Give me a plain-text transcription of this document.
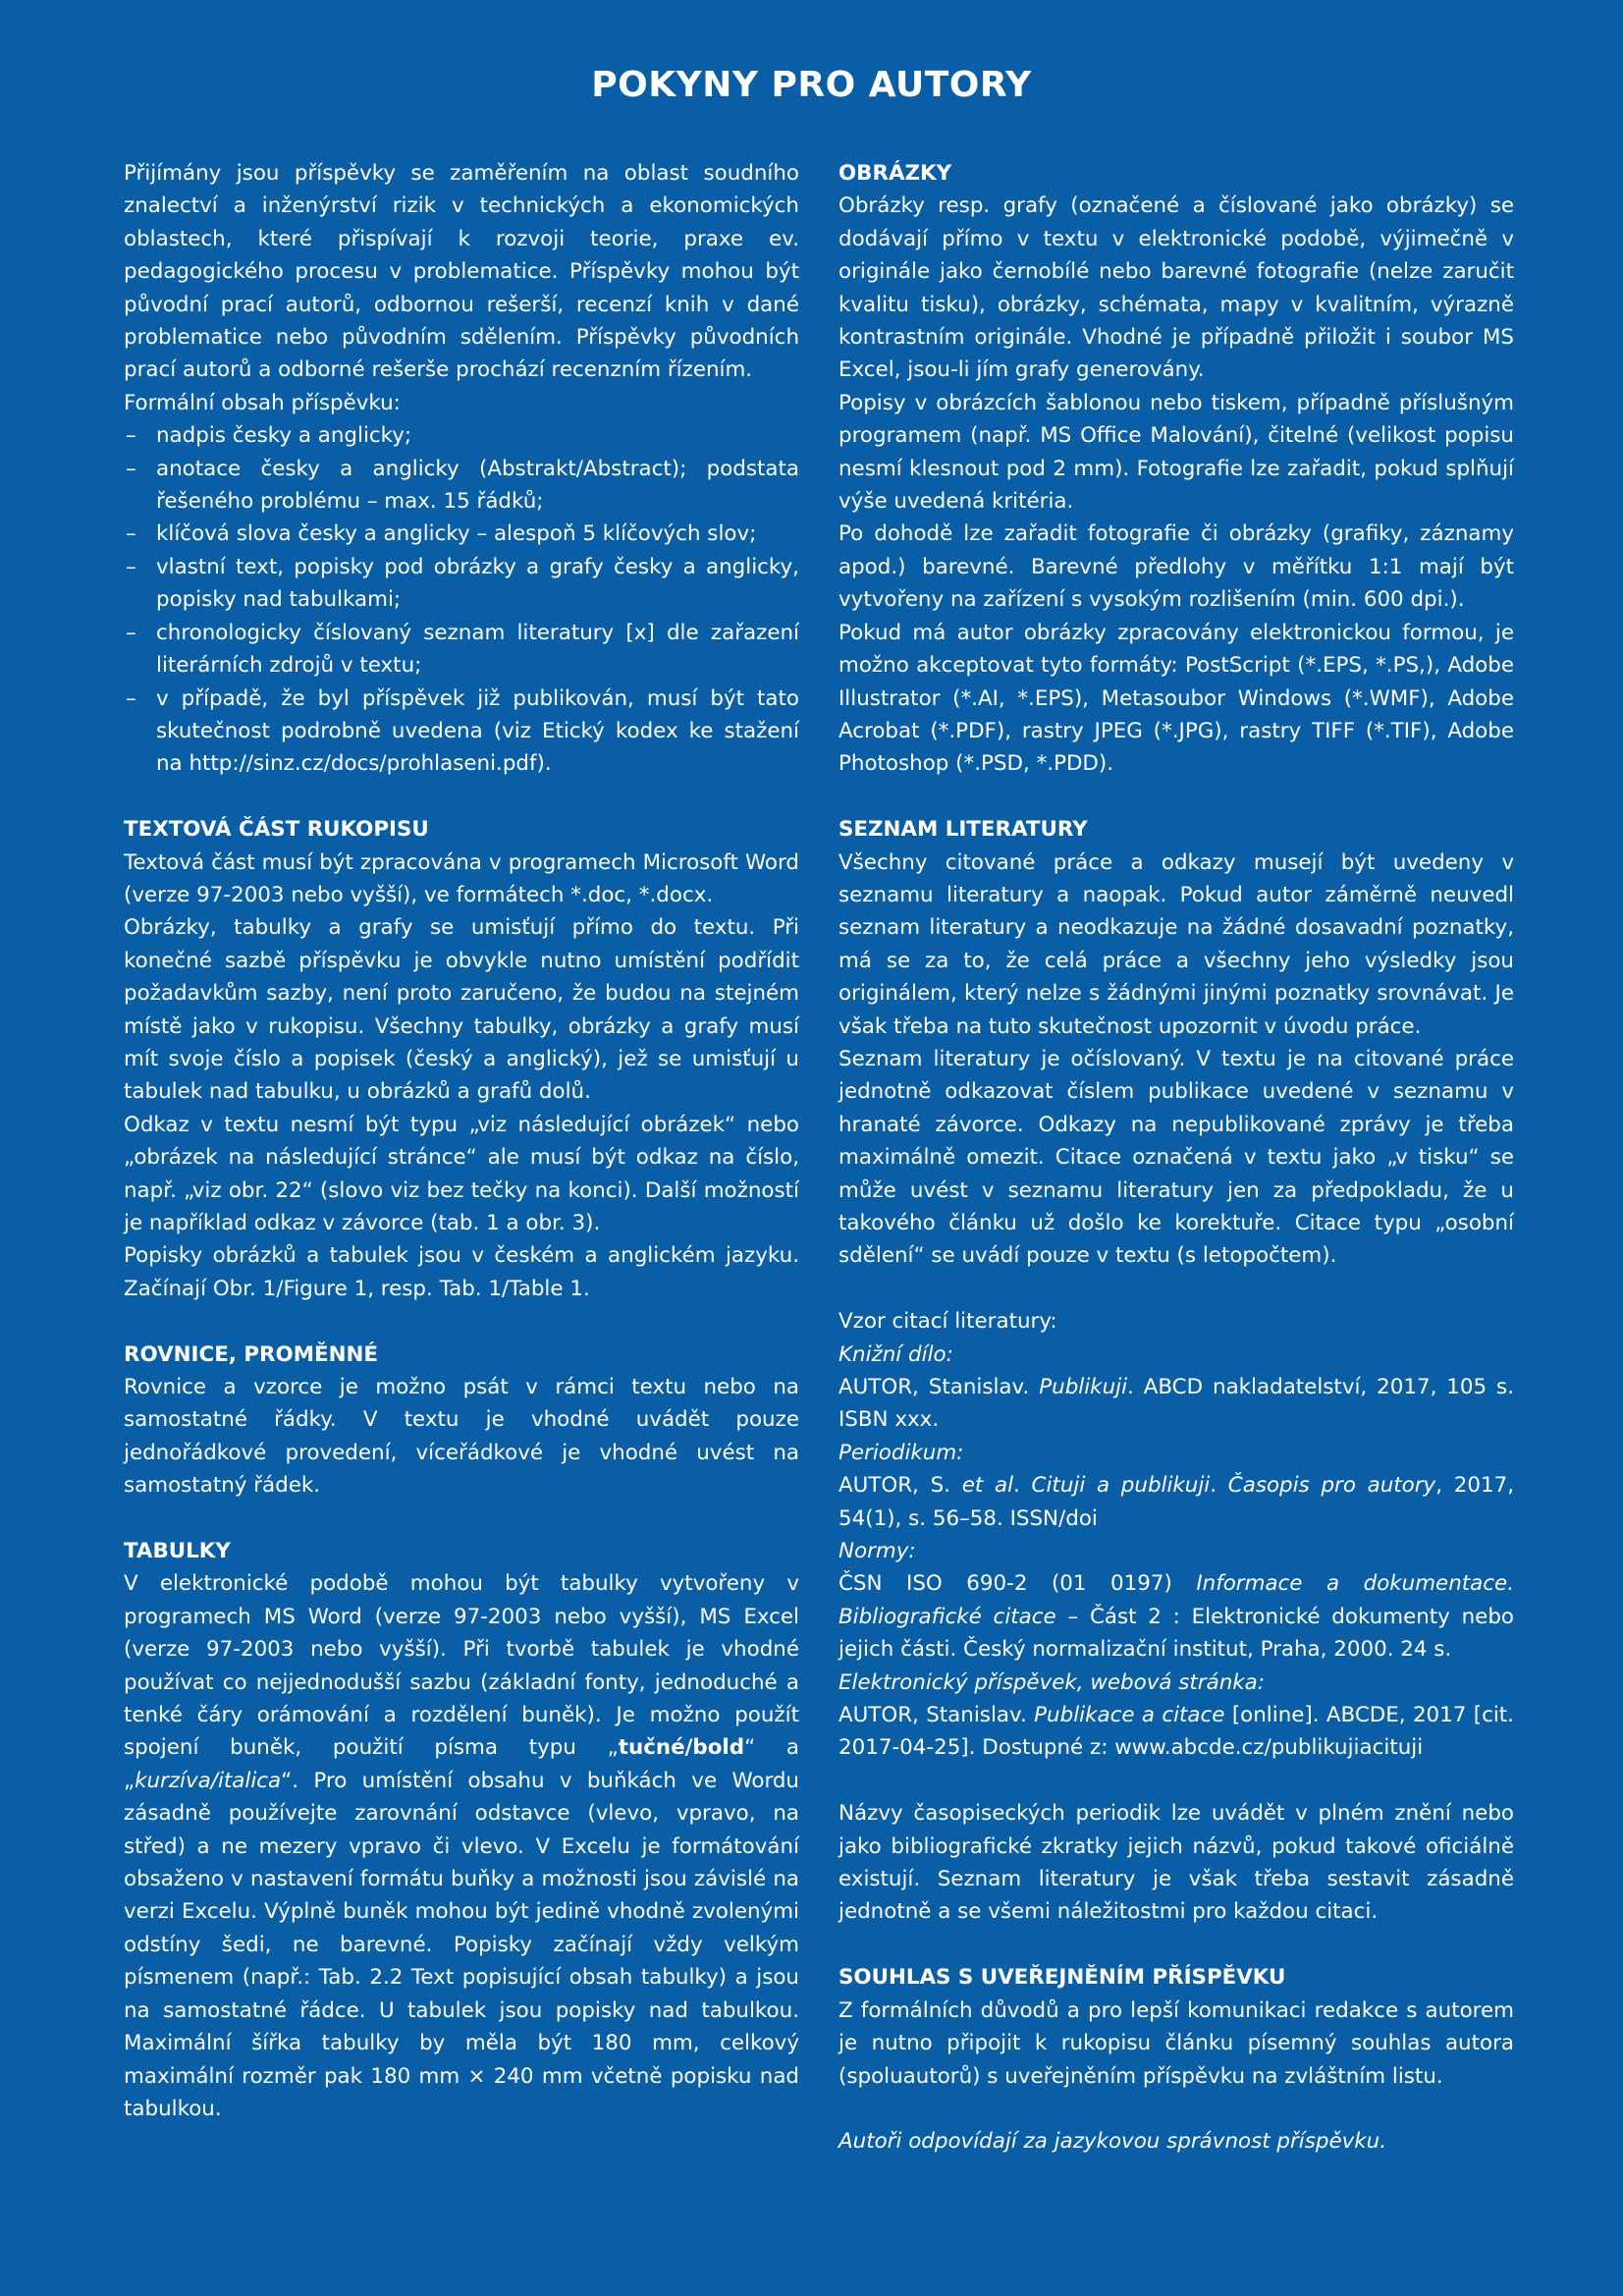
POKYNY PRO AUTORY

Přijímány jsou příspěvky se zaměřením na oblast soudního znalectví a inženýrství rizik v technických a ekonomických oblastech, které přispívají k rozvoji teorie, praxe ev. pedagogického procesu v problematice. Příspěvky mohou být původní prací autorů, odbornou rešerší, recenzí knih v dané problematice nebo původním sdělením. Příspěvky původních prací autorů a odborné rešerše prochází recenzním řízením.

Formální obsah příspěvku:

– nadpis česky a anglicky;
– anotace česky a anglicky (Abstrakt/Abstract); podstata řešeného problému – max. 15 řádků;
– klíčová slova česky a anglicky – alespoň 5 klíčových slov;
– vlastní text, popisky pod obrázky a grafy česky a anglicky, popisky nad tabulkami;
– chronologicky číslovaný seznam literatury [x] dle zařazení literárních zdrojů v textu;
– v případě, že byl příspěvek již publikován, musí být tato skutečnost podrobně uvedena (viz Etický kodex ke stažení na http://sinz.cz/docs/prohlaseni.pdf).
TEXTOVÁ ČÁST RUKOPISU

Textová část musí být zpracována v programech Microsoft Word (verze 97-2003 nebo vyšší), ve formátech *.doc, *.docx.

Obrázky, tabulky a grafy se umisťují přímo do textu. Při konečné sazbě příspěvku je obvykle nutno umístění podřídit požadavkům sazby, není proto zaručeno, že budou na stejném místě jako v rukopisu. Všechny tabulky, obrázky a grafy musí mít svoje číslo a popisek (český a anglický), jež se umisťují u tabulek nad tabulku, u obrázků a grafů dolů.

Odkaz v textu nesmí být typu „viz následující obrázek“ nebo „obrázek na následující stránce“ ale musí být odkaz na číslo, např. „viz obr. 22“ (slovo viz bez tečky na konci). Další možností je například odkaz v závorce (tab. 1 a obr. 3).

Popisky obrázků a tabulek jsou v českém a anglickém jazyku. Začínají Obr. 1/Figure 1, resp. Tab. 1/Table 1.

ROVNICE, PROMĚNNÉ

Rovnice a vzorce je možno psát v rámci textu nebo na samostatné řádky. V textu je vhodné uvádět pouze jednořádkové provedení, víceřádkové je vhodné uvést na samostatný řádek.

TABULKY

V elektronické podobě mohou být tabulky vytvořeny v programech MS Word (verze 97-2003 nebo vyšší), MS Excel (verze 97-2003 nebo vyšší). Při tvorbě tabulek je vhodné používat co nejjednodušší sazbu (základní fonty, jednoduché a tenké čáry orámování a rozdělení buněk). Je možno použít spojení buněk, použití písma typu „tučné/bold“ a „kurzíva/italica“. Pro umístění obsahu v buňkách ve Wordu zásadně používejte zarovnání odstavce (vlevo, vpravo, na střed) a ne mezery vpravo či vlevo. V Excelu je formátování obsaženo v nastavení formátu buňky a možnosti jsou závislé na verzi Excelu. Výplně buněk mohou být jedině vhodně zvolenými odstíny šedi, ne barevné. Popisky začínají vždy velkým písmenem (např.: Tab. 2.2 Text popisující obsah tabulky) a jsou na samostatné řádce. U tabulek jsou popisky nad tabulkou. Maximální šířka tabulky by měla být 180 mm, celkový maximální rozměr pak 180 mm × 240 mm včetně popisku nad tabulkou.

OBRÁZKY

Obrázky resp. grafy (označené a číslované jako obrázky) se dodávají přímo v textu v elektronické podobě, výjimečně v originále jako černobílé nebo barevné fotografie (nelze zaručit kvalitu tisku), obrázky, schémata, mapy v kvalitním, výrazně kontrastním originále. Vhodné je případně přiložit i soubor MS Excel, jsou-li jím grafy generovány.

Popisy v obrázcích šablonou nebo tiskem, případně příslušným programem (např. MS Office Malování), čitelné (velikost popisu nesmí klesnout pod 2 mm). Fotografie lze zařadit, pokud splňují výše uvedená kritéria.

Po dohodě lze zařadit fotografie či obrázky (grafiky, záznamy apod.) barevné. Barevné předlohy v měřítku 1:1 mají být vytvořeny na zařízení s vysokým rozlišením (min. 600 dpi.).

Pokud má autor obrázky zpracovány elektronickou formou, je možno akceptovat tyto formáty: PostScript (*.EPS, *.PS,), Adobe Illustrator (*.AI, *.EPS), Metasoubor Windows (*.WMF), Adobe Acrobat (*.PDF), rastry JPEG (*.JPG), rastry TIFF (*.TIF), Adobe Photoshop (*.PSD, *.PDD).

SEZNAM LITERATURY

Všechny citované práce a odkazy musejí být uvedeny v seznamu literatury a naopak. Pokud autor záměrně neuvedl seznam literatury a neodkazuje na žádné dosavadní poznatky, má se za to, že celá práce a všechny jeho výsledky jsou originálem, který nelze s žádnými jinými poznatky srovnávat. Je však třeba na tuto skutečnost upozornit v úvodu práce.

Seznam literatury je očíslovaný. V textu je na citované práce jednotně odkazovat číslem publikace uvedené v seznamu v hranaté závorce. Odkazy na nepublikované zprávy je třeba maximálně omezit. Citace označená v textu jako „v tisku“ se může uvést v seznamu literatury jen za předpokladu, že u takového článku už došlo ke korektuře. Citace typu „osobní sdělení“ se uvádí pouze v textu (s letopočtem).

Vzor citací literatury:

Knižní dílo:

AUTOR, Stanislav. Publikuji. ABCD nakladatelství, 2017, 105 s. ISBN xxx.

Periodikum:

AUTOR, S. et al. Cituji a publikuji. Časopis pro autory, 2017, 54(1), s. 56–58. ISSN/doi

Normy:

ČSN ISO 690-2 (01 0197) Informace a dokumentace. Bibliografické citace – Část 2 : Elektronické dokumenty nebo jejich části. Český normalizační institut, Praha, 2000. 24 s.

Elektronický příspěvek, webová stránka:

AUTOR, Stanislav. Publikace a citace [online]. ABCDE, 2017 [cit. 2017-04-25]. Dostupné z: www.abcde.cz/publikujiacituji

Názvy časopiseckých periodik lze uvádět v plném znění nebo jako bibliografické zkratky jejich názvů, pokud takové oficiálně existují. Seznam literatury je však třeba sestavit zásadně jednotně a se všemi náležitostmi pro každou citaci.

SOUHLAS S UVEŘEJNĚNÍM PŘÍSPĚVKU

Z formálních důvodů a pro lepší komunikaci redakce s autorem je nutno připojit k rukopisu článku písemný souhlas autora (spoluautorů) s uveřejněním příspěvku na zvláštním listu.

Autoři odpovídají za jazykovou správnost příspěvku.
